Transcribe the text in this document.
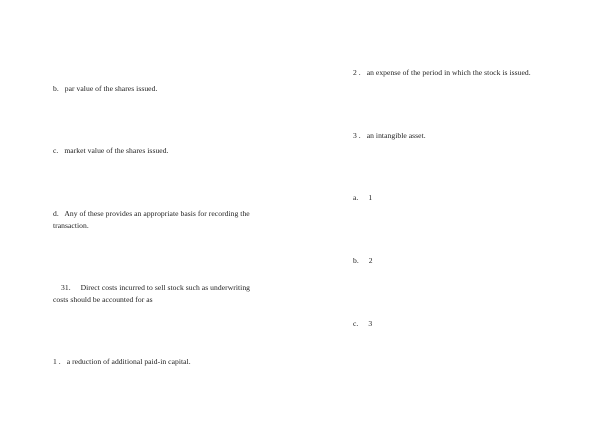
b. par value of the shares issued.
c. market value of the shares issued.
d. Any of these provides an appropriate basis for recording the
transaction.
31. Direct costs incurred to sell stock such as underwriting
costs should be accounted for as
1 . a reduction of additional paid-in capital.
2 . an expense of the period in which the stock is issued.
3 . an intangible asset.
a. 1
b. 2
c. 3
